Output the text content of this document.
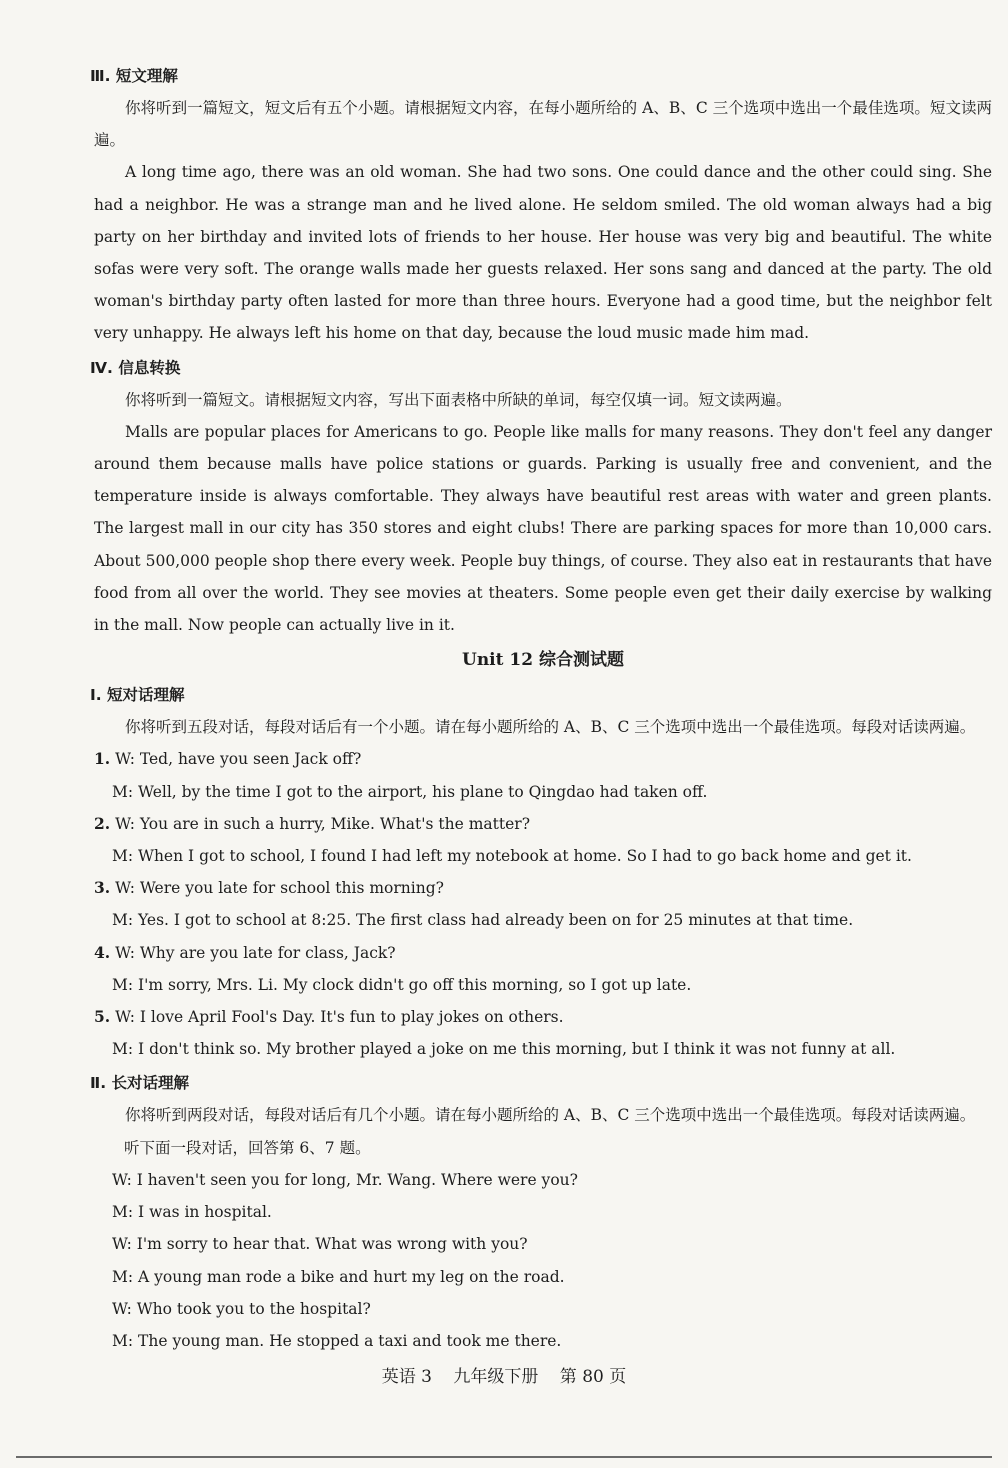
Ⅲ. 短文理解

你将听到一篇短文，短文后有五个小题。请根据短文内容，在每小题所给的 A、B、C 三个选项中选出一个最佳选项。短文读两遍。

A long time ago, there was an old woman. She had two sons. One could dance and the other could sing. She had a neighbor. He was a strange man and he lived alone. He seldom smiled. The old woman always had a big party on her birthday and invited lots of friends to her house. Her house was very big and beautiful. The white sofas were very soft. The orange walls made her guests relaxed. Her sons sang and danced at the party. The old woman's birthday party often lasted for more than three hours. Everyone had a good time, but the neighbor felt very unhappy. He always left his home on that day, because the loud music made him mad.

Ⅳ. 信息转换

你将听到一篇短文。请根据短文内容，写出下面表格中所缺的单词，每空仅填一词。短文读两遍。

Malls are popular places for Americans to go. People like malls for many reasons. They don't feel any danger around them because malls have police stations or guards. Parking is usually free and convenient, and the temperature inside is always comfortable. They always have beautiful rest areas with water and green plants. The largest mall in our city has 350 stores and eight clubs! There are parking spaces for more than 10,000 cars. About 500,000 people shop there every week. People buy things, of course. They also eat in restaurants that have food from all over the world. They see movies at theaters. Some people even get their daily exercise by walking in the mall. Now people can actually live in it.

Unit 12 综合测试题
Ⅰ. 短对话理解

你将听到五段对话，每段对话后有一个小题。请在每小题所给的 A、B、C 三个选项中选出一个最佳选项。每段对话读两遍。

1. W: Ted, have you seen Jack off?

M: Well, by the time I got to the airport, his plane to Qingdao had taken off.

2. W: You are in such a hurry, Mike. What's the matter?

M: When I got to school, I found I had left my notebook at home. So I had to go back home and get it.

3. W: Were you late for school this morning?

M: Yes. I got to school at 8:25. The first class had already been on for 25 minutes at that time.

4. W: Why are you late for class, Jack?

M: I'm sorry, Mrs. Li. My clock didn't go off this morning, so I got up late.

5. W: I love April Fool's Day. It's fun to play jokes on others.

M: I don't think so. My brother played a joke on me this morning, but I think it was not funny at all.

Ⅱ. 长对话理解

你将听到两段对话，每段对话后有几个小题。请在每小题所给的 A、B、C 三个选项中选出一个最佳选项。每段对话读两遍。

听下面一段对话，回答第 6、7 题。

W: I haven't seen you for long, Mr. Wang. Where were you?

M: I was in hospital.

W: I'm sorry to hear that. What was wrong with you?

M: A young man rode a bike and hurt my leg on the road.

W: Who took you to the hospital?

M: The young man. He stopped a taxi and took me there.

英语 3 九年级下册 第 80 页
